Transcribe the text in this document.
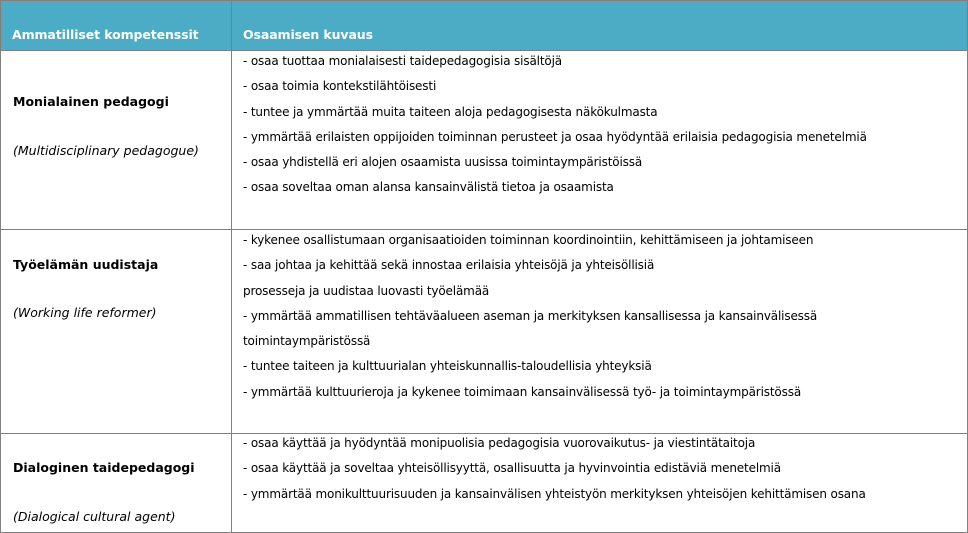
Ammatilliset kompetenssit	Osaamisen kuvaus
Monialainen pedagogi
(Multidisciplinary pedagogue)
- osaa tuottaa monialaisesti taidepedagogisia sisältöjä
- osaa toimia kontekstilähtöisesti
- tuntee ja ymmärtää muita taiteen aloja pedagogisesta näkökulmasta
- ymmärtää erilaisten oppijoiden toiminnan perusteet ja osaa hyödyntää erilaisia pedagogisia menetelmiä
- osaa yhdistellä eri alojen osaamista uusissa toimintaympäristöissä
- osaa soveltaa oman alansa kansainvälistä tietoa ja osaamista
Työelämän uudistaja
(Working life reformer)
- kykenee osallistumaan organisaatioiden toiminnan koordinointiin, kehittämiseen ja johtamiseen
- saa johtaa ja kehittää sekä innostaa erilaisia yhteisöjä ja yhteisöllisiä
prosesseja ja uudistaa luovasti työelämää
- ymmärtää ammatillisen tehtäväalueen aseman ja merkityksen kansallisessa ja kansainvälisessä
toimintaympäristössä
- tuntee taiteen ja kulttuurialan yhteiskunnallis-taloudellisia yhteyksiä
- ymmärtää kulttuurieroja ja kykenee toimimaan kansainvälisessä työ- ja toimintaympäristössä
Dialoginen taidepedagogi
(Dialogical cultural agent)
- osaa käyttää ja hyödyntää monipuolisia pedagogisia vuorovaikutus- ja viestintätaitoja
- osaa käyttää ja soveltaa yhteisöllisyyttä, osallisuutta ja hyvinvointia edistäviä menetelmiä
- ymmärtää monikulttuurisuuden ja kansainvälisen yhteistyön merkityksen yhteisöjen kehittämisen osana
